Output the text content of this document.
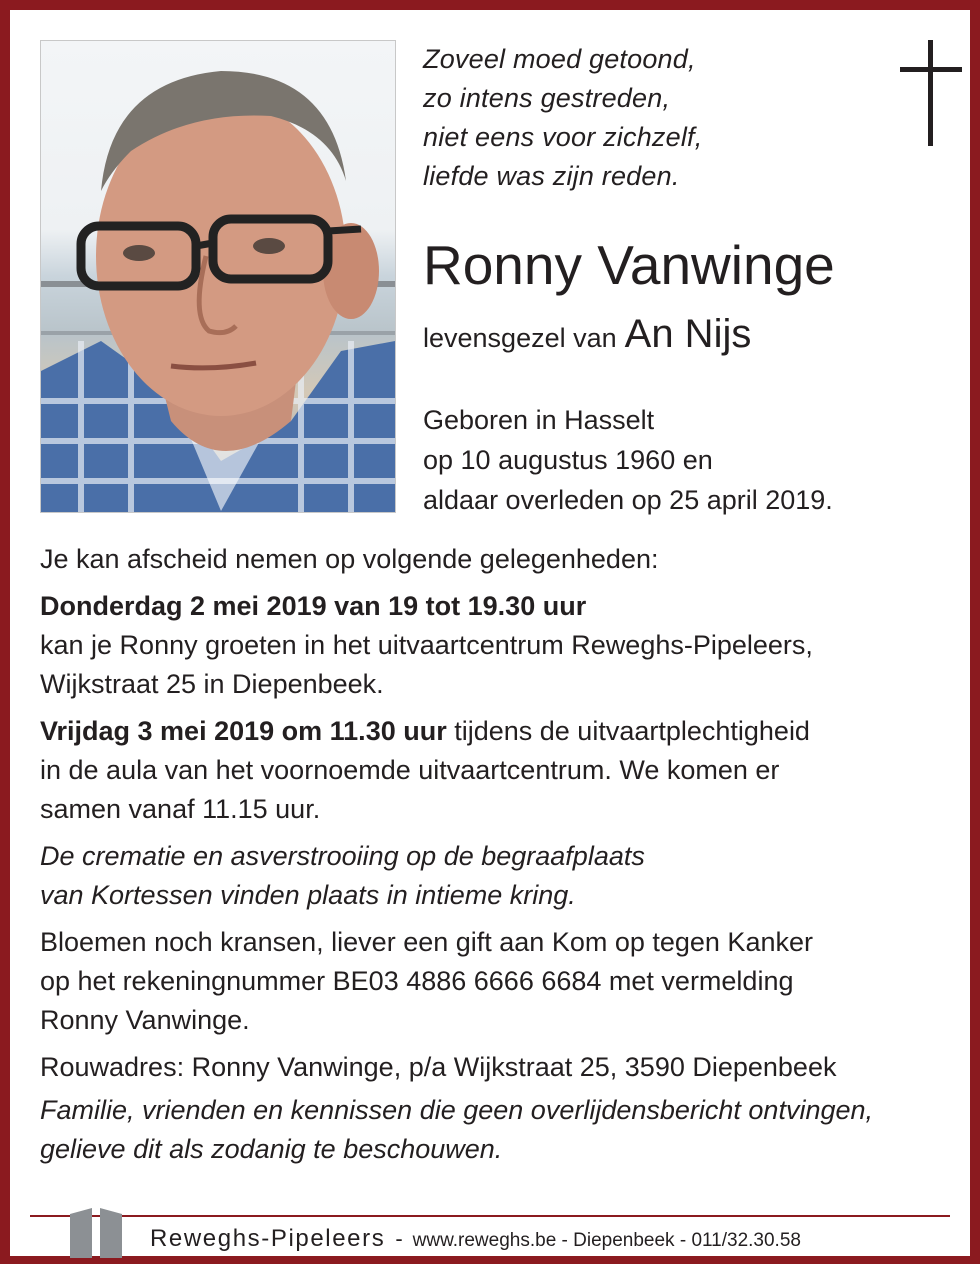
Zoveel moed getoond,
zo intens gestreden,
niet eens voor zichzelf,
liefde was zijn reden.
Ronny Vanwinge
levensgezel van An Nijs
Geboren in Hasselt
op 10 augustus 1960 en
aldaar overleden op 25 april 2019.

Je kan afscheid nemen op volgende gelegenheden:

Donderdag 2 mei 2019 van 19 tot 19.30 uur
kan je Ronny groeten in het uitvaartcentrum Reweghs-Pipeleers,
Wijkstraat 25 in Diepenbeek.

Vrijdag 3 mei 2019 om 11.30 uur tijdens de uitvaartplechtigheid
in de aula van het voornoemde uitvaartcentrum. We komen er
samen vanaf 11.15 uur.

De crematie en asverstrooiing op de begraafplaats
van Kortessen vinden plaats in intieme kring.

Bloemen noch kransen, liever een gift aan Kom op tegen Kanker
op het rekeningnummer BE03 4886 6666 6684 met vermelding
Ronny Vanwinge.

Rouwadres: Ronny Vanwinge, p/a Wijkstraat 25, 3590 Diepenbeek

Familie, vrienden en kennissen die geen overlijdensbericht ontvingen,
gelieve dit als zodanig te beschouwen.

Reweghs-Pipeleers - www.reweghs.be - Diepenbeek - 011/32.30.58
